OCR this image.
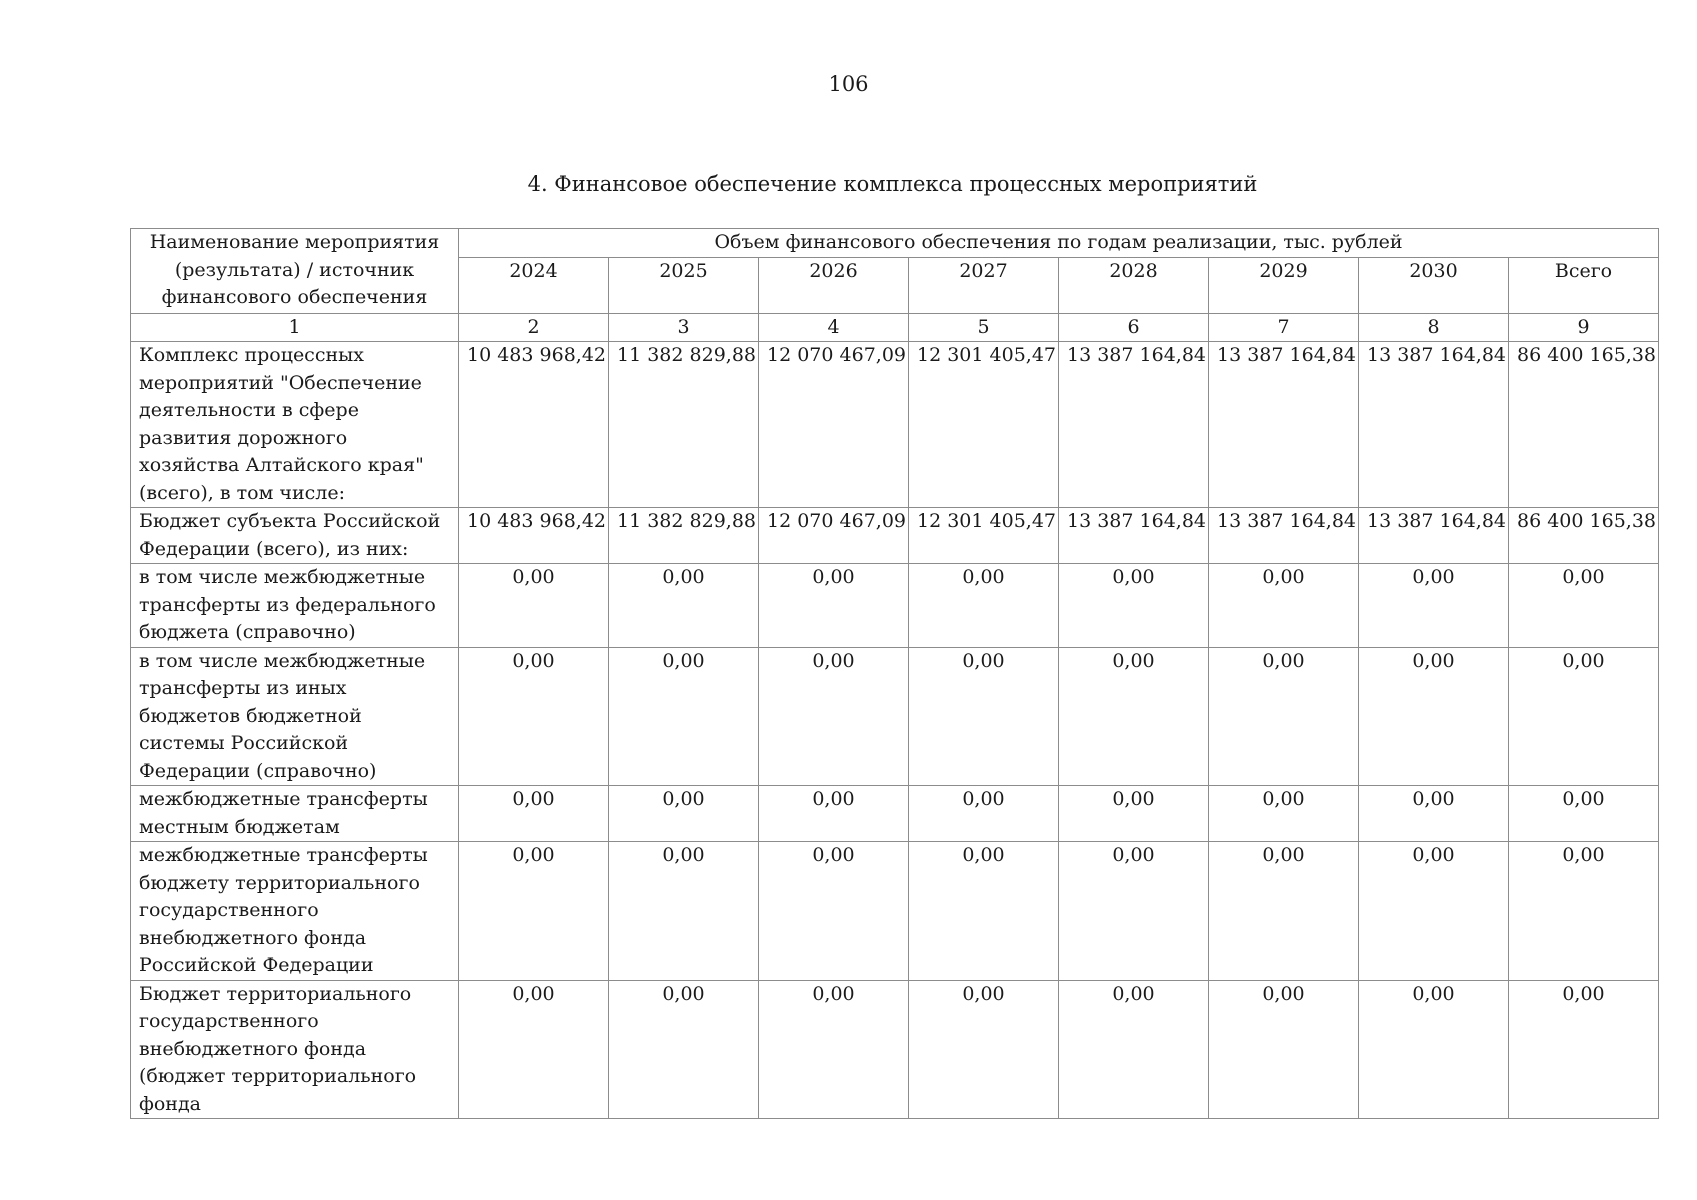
106
4. Финансовое обеспечение комплекса процессных мероприятий
Наименование мероприятия (результата) / источник финансового обеспечения	Объем финансового обеспечения по годам реализации, тыс. рублей							
	2024	2025	2026	2027	2028	2029	2030	Всего
1	2	3	4	5	6	7	8	9
Комплекс процессных мероприятий "Обеспечение деятельности в сфере развития дорожного хозяйства Алтайского края" (всего), в том числе:	10 483 968,42	11 382 829,88	12 070 467,09	12 301 405,47	13 387 164,84	13 387 164,84	13 387 164,84	86 400 165,38
Бюджет субъекта Российской Федерации (всего), из них:	10 483 968,42	11 382 829,88	12 070 467,09	12 301 405,47	13 387 164,84	13 387 164,84	13 387 164,84	86 400 165,38
в том числе межбюджетные трансферты из федерального бюджета (справочно)	0,00	0,00	0,00	0,00	0,00	0,00	0,00	0,00
в том числе межбюджетные трансферты из иных бюджетов бюджетной системы Российской Федерации (справочно)	0,00	0,00	0,00	0,00	0,00	0,00	0,00	0,00
межбюджетные трансферты местным бюджетам	0,00	0,00	0,00	0,00	0,00	0,00	0,00	0,00
межбюджетные трансферты бюджету территориального государственного внебюджетного фонда Российской Федерации	0,00	0,00	0,00	0,00	0,00	0,00	0,00	0,00
Бюджет территориального государственного внебюджетного фонда (бюджет территориального фонда	0,00	0,00	0,00	0,00	0,00	0,00	0,00	0,00
